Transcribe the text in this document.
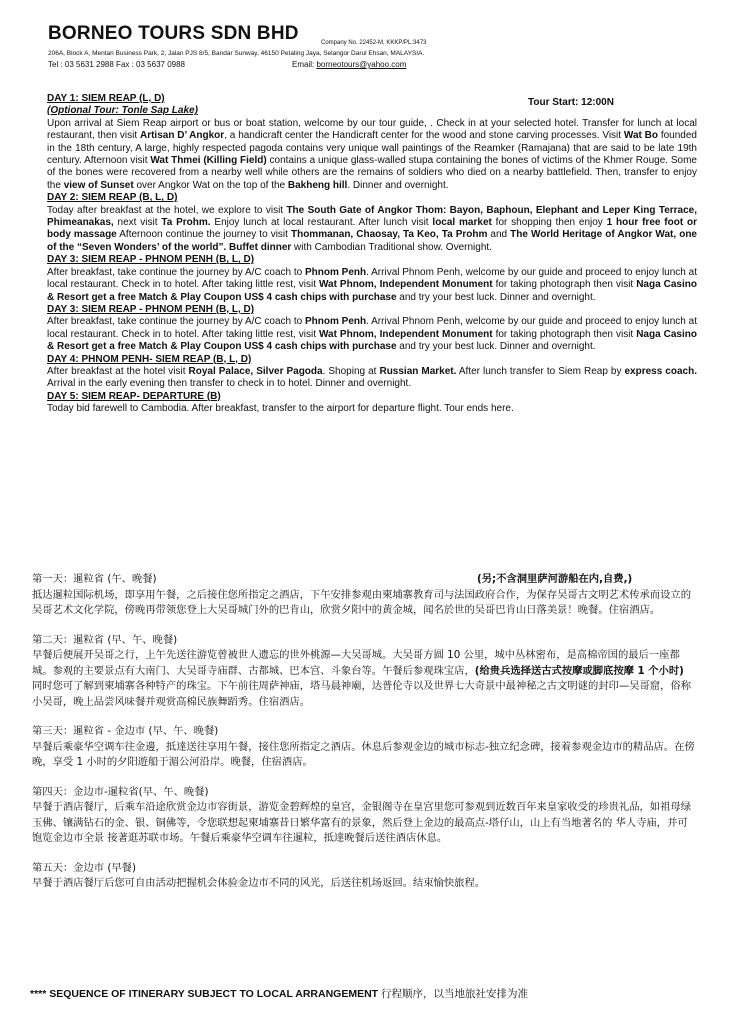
BORNEO TOURS SDN BHD	Company No. 22452-M, KKKP/PL:3473
206A, Block A, Mentari Business Park, 2, Jalan PJS 8/5, Bandar Sunway, 46150 Petaling Jaya, Selangor Darul Ehsan, MALAYSIA.
Tel : 03 5631 2988 Fax : 03 5637 0988	Email: borneotours@yahoo.com
Tour Start: 12:00N
DAY 1: SIEM REAP (L, D)
(Optional Tour: Tonle Sap Lake)

Upon arrival at Siem Reap airport or bus or boat station, welcome by our tour guide, . Check in at your selected hotel. Transfer for lunch at local restaurant, then visit Artisan D’ Angkor, a handicraft center the Handicraft center for the wood and stone carving processes. Visit Wat Bo founded in the 18th century, A large, highly respected pagoda contains very unique wall paintings of the Reamker (Ramajana) that are said to be late 19th century. Afternoon visit Wat Thmei (Killing Field) contains a unique glass-walled stupa containing the bones of victims of the Khmer Rouge. Some of the bones were recovered from a nearby well while others are the remains of soldiers who died on a nearby battlefield. Then, transfer to enjoy the view of Sunset over Angkor Wat on the top of the Bakheng hill. Dinner and overnight.

DAY 2: SIEM REAP (B, L, D)

Today after breakfast at the hotel, we explore to visit The South Gate of Angkor Thom: Bayon, Baphoun, Elephant and Leper King Terrace, Phimeanakas, next visit Ta Prohm. Enjoy lunch at local restaurant. After lunch visit local market for shopping then enjoy 1 hour free foot or body massage Afternoon continue the journey to visit Thommanan, Chaosay, Ta Keo, Ta Prohm and The World Heritage of Angkor Wat, one of the “Seven Wonders’ of the world”. Buffet dinner with Cambodian Traditional show. Overnight.

DAY 3: SIEM REAP - PHNOM PENH (B, L, D)

After breakfast, take continue the journey by A/C coach to Phnom Penh. Arrival Phnom Penh, welcome by our guide and proceed to enjoy lunch at local restaurant. Check in to hotel. After taking little rest, visit Wat Phnom, Independent Monument for taking photograph then visit Naga Casino & Resort get a free Match & Play Coupon US$ 4 cash chips with purchase and try your best luck. Dinner and overnight.

DAY 3: SIEM REAP - PHNOM PENH (B, L, D)

After breakfast, take continue the journey by A/C coach to Phnom Penh. Arrival Phnom Penh, welcome by our guide and proceed to enjoy lunch at local restaurant. Check in to hotel. After taking little rest, visit Wat Phnom, Independent Monument for taking photograph then visit Naga Casino & Resort get a free Match & Play Coupon US$ 4 cash chips with purchase and try your best luck. Dinner and overnight.

DAY 4: PHNOM PENH- SIEM REAP (B, L, D)

After breakfast at the hotel visit Royal Palace, Silver Pagoda. Shoping at Russian Market. After lunch transfer to Siem Reap by express coach. Arrival in the early evening then transfer to check in to hotel. Dinner and overnight.

DAY 5: SIEM REAP- DEPARTURE (B)

Today bid farewell to Cambodia. After breakfast, transfer to the airport for departure flight. Tour ends here.

(另;不含洞里萨河游船在内,自费,)

第一天：暹粒省 (午、晚餐)

抵达暹粒国际机场，即享用午餐，之后接住您所指定之酒店，下午安排参观由柬埔寨教育司与法国政府合作，为保存吴哥古文明艺术传承而设立的吴哥艺术文化学院，傍晚再带领您登上大吴哥城门外的巴肯山，欣赏夕阳中的黄金城，闻名於世的吴哥巴肯山日落美景！晚餐。住宿酒店。

第二天：暹粒省 (早、午、晚餐)

早餐后便展开吴哥之行，上午先送往游览曾被世人遗忘的世外桃源—大吴哥城。大吴哥方圆 10 公里，城中丛林密布，是高棉帝国的最后一座都城。参观的主要景点有大南门、大吴哥寺庙群、古都城、巴本宫、斗象台等。午餐后参观珠宝店，(给贵兵选择送古式按摩或脚底按摩 1 个小时) 同时您可了解到柬埔寨各种特产的珠宝。下午前往周萨神庙，塔马晨神廟，达普伦寺以及世界七大奇景中最神秘之古文明谜的封印—吴哥窟，俗称小吴哥，晚上品尝风味餐并观赏高棉民族舞蹈秀。住宿酒店。

第三天：暹粒省 - 金边市 (早、午、晚餐)

早餐后乘豪华空调车往金邊，抵達送往享用午餐，接住您所指定之酒店。休息后参观金边的城市标志-独立纪念碑，接着参观金边市的精品店。在傍晚，享受 1 小时的夕阳遊船于湄公河沿岸。晚餐，住宿酒店。

第四天：金边市-暹粒省(早、午、晚餐)

早餐于酒店餐厅，后乘车沿途欣赏金边市容街景，游览金碧辉煌的皇宫，金银阁寺在皇宫里您可参观到近数百年来皇家收受的珍贵礼品，如祖母绿玉佛、镶满钻石的金、银、铜佛等，令您联想起柬埔寨昔日繁华富有的景象，然后登上金边的最高点-塔仔山，山上有当地著名的 华人寺庙，并可饱览金边市全景 接著逛苏联市场。午餐后乘豪华空调车往暹粒，抵達晚餐后送往酒店休息。

第五天：金边市 (早餐)

早餐于酒店餐厅后您可自由活动把握机会体验金边市不同的风光，后送往机场返回。结束愉快旅程。

**** SEQUENCE OF ITINERARY SUBJECT TO LOCAL ARRANGEMENT 行程顺序，以当地旅社安排为准
